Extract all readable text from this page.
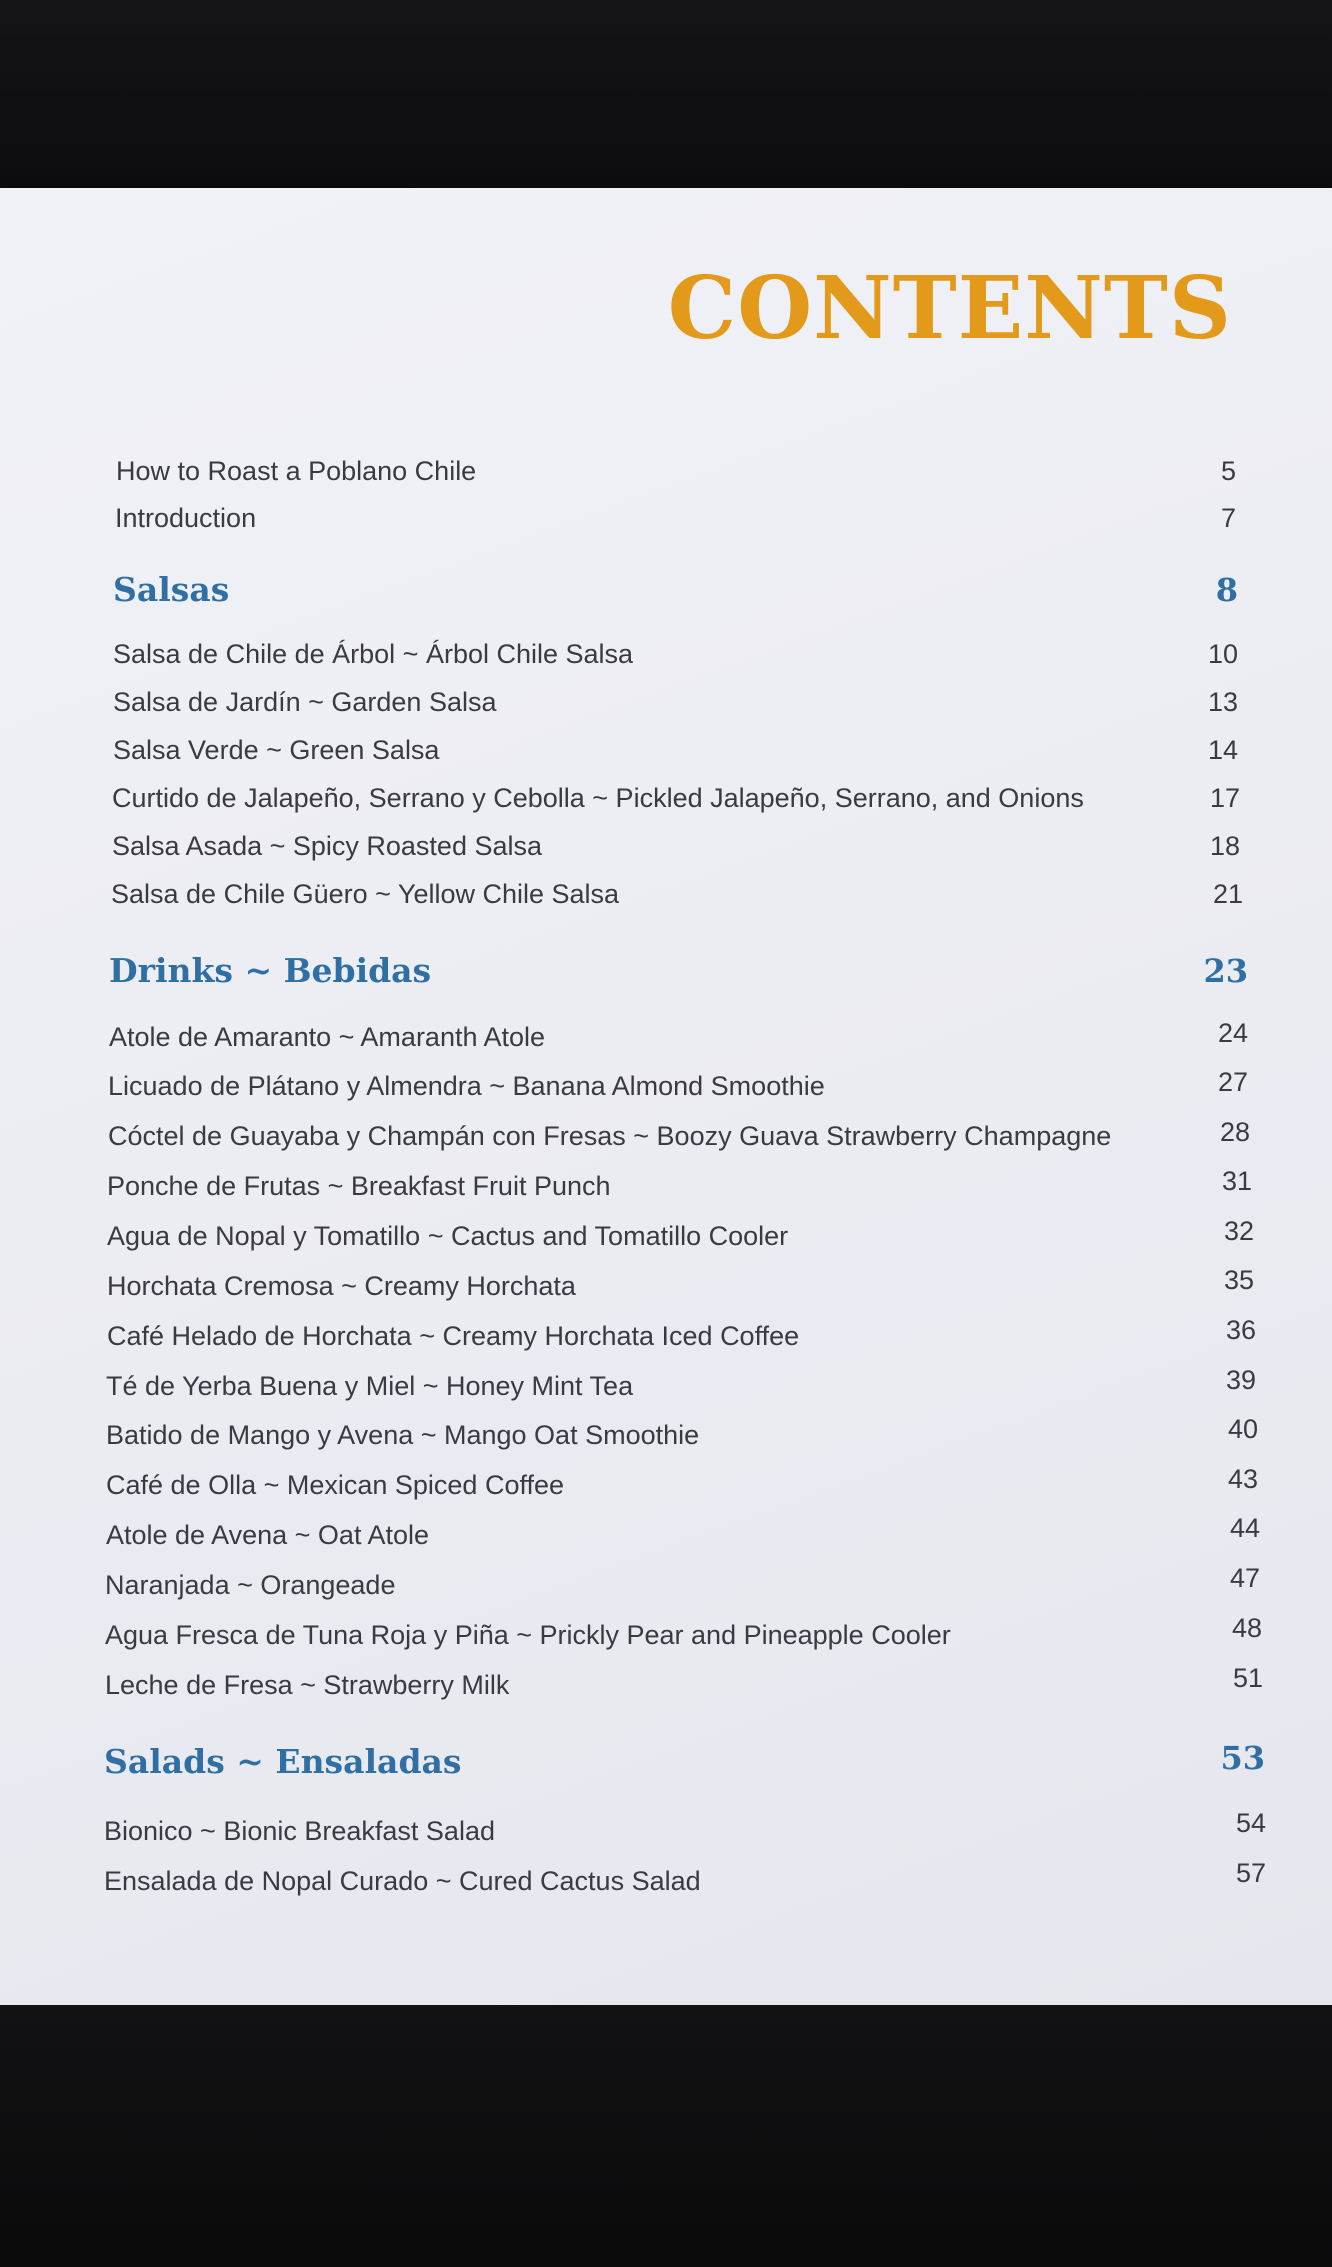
CONTENTS
How to Roast a Poblano Chile	5
Introduction	7
Salsas	8
Salsa de Chile de Árbol ~ Árbol Chile Salsa	10
Salsa de Jardín ~ Garden Salsa	13
Salsa Verde ~ Green Salsa	14
Curtido de Jalapeño, Serrano y Cebolla ~ Pickled Jalapeño, Serrano, and Onions	17
Salsa Asada ~ Spicy Roasted Salsa	18
Salsa de Chile Güero ~ Yellow Chile Salsa	21
Drinks ~ Bebidas	23
Atole de Amaranto ~ Amaranth Atole	24
Licuado de Plátano y Almendra ~ Banana Almond Smoothie	27
Cóctel de Guayaba y Champán con Fresas ~ Boozy Guava Strawberry Champagne	28
Ponche de Frutas ~ Breakfast Fruit Punch	31
Agua de Nopal y Tomatillo ~ Cactus and Tomatillo Cooler	32
Horchata Cremosa ~ Creamy Horchata	35
Café Helado de Horchata ~ Creamy Horchata Iced Coffee	36
Té de Yerba Buena y Miel ~ Honey Mint Tea	39
Batido de Mango y Avena ~ Mango Oat Smoothie	40
Café de Olla ~ Mexican Spiced Coffee	43
Atole de Avena ~ Oat Atole	44
Naranjada ~ Orangeade	47
Agua Fresca de Tuna Roja y Piña ~ Prickly Pear and Pineapple Cooler	48
Leche de Fresa ~ Strawberry Milk	51
Salads ~ Ensaladas	53
Bionico ~ Bionic Breakfast Salad	54
Ensalada de Nopal Curado ~ Cured Cactus Salad	57
